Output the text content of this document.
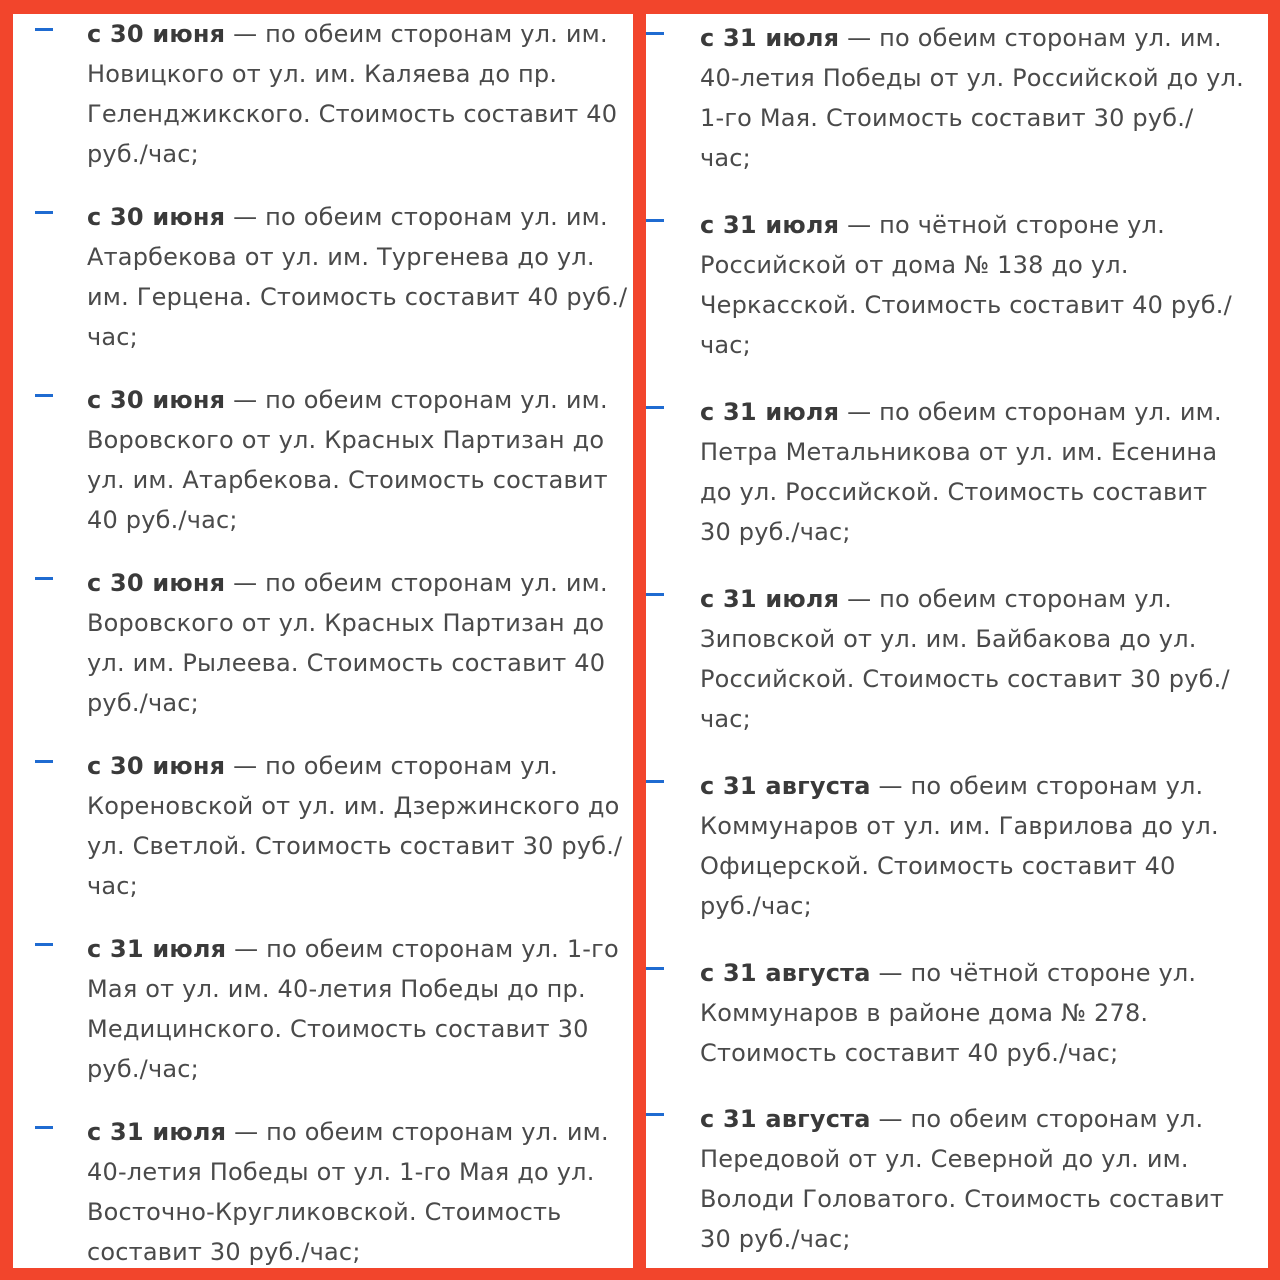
с 30 июня — по обеим сторонам ул. им.
Новицкого от ул. им. Каляева до пр.
Геленджикского. Стоимость составит 40
руб./час;
с 30 июня — по обеим сторонам ул. им.
Атарбекова от ул. им. Тургенева до ул.
им. Герцена. Стоимость составит 40 руб./
час;
с 30 июня — по обеим сторонам ул. им.
Воровского от ул. Красных Партизан до
ул. им. Атарбекова. Стоимость составит
40 руб./час;
с 30 июня — по обеим сторонам ул. им.
Воровского от ул. Красных Партизан до
ул. им. Рылеева. Стоимость составит 40
руб./час;
с 30 июня — по обеим сторонам ул.
Кореновской от ул. им. Дзержинского до
ул. Светлой. Стоимость составит 30 руб./
час;
с 31 июля — по обеим сторонам ул. 1-го
Мая от ул. им. 40-летия Победы до пр.
Медицинского. Стоимость составит 30
руб./час;
с 31 июля — по обеим сторонам ул. им.
40-летия Победы от ул. 1-го Мая до ул.
Восточно-Кругликовской. Стоимость
составит 30 руб./час;
с 31 июля — по обеим сторонам ул. им.
40-летия Победы от ул. Российской до ул.
1-го Мая. Стоимость составит 30 руб./
час;
с 31 июля — по чётной стороне ул.
Российской от дома № 138 до ул.
Черкасской. Стоимость составит 40 руб./
час;
с 31 июля — по обеим сторонам ул. им.
Петра Метальникова от ул. им. Есенина
до ул. Российской. Стоимость составит
30 руб./час;
с 31 июля — по обеим сторонам ул.
Зиповской от ул. им. Байбакова до ул.
Российской. Стоимость составит 30 руб./
час;
с 31 августа — по обеим сторонам ул.
Коммунаров от ул. им. Гаврилова до ул.
Офицерской. Стоимость составит 40
руб./час;
с 31 августа — по чётной стороне ул.
Коммунаров в районе дома № 278.
Стоимость составит 40 руб./час;
с 31 августа — по обеим сторонам ул.
Передовой от ул. Северной до ул. им.
Володи Головатого. Стоимость составит
30 руб./час;
